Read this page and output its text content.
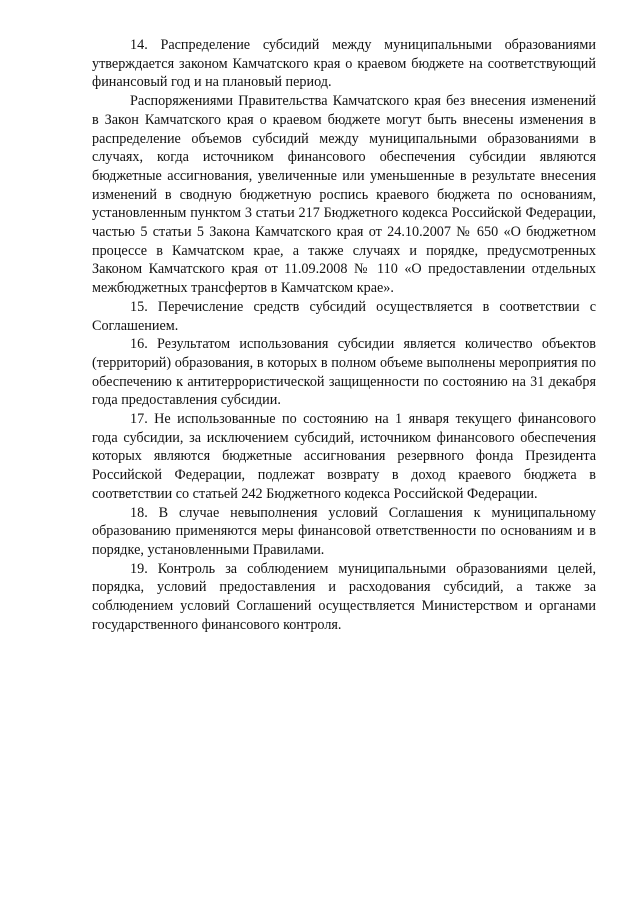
14. Распределение субсидий между муниципальными образованиями утверждается законом Камчатского края о краевом бюджете на соответствующий финансовый год и на плановый период.

Распоряжениями Правительства Камчатского края без внесения изменений в Закон Камчатского края о краевом бюджете могут быть внесены изменения в распределение объемов субсидий между муниципальными образованиями в случаях, когда источником финансового обеспечения субсидии являются бюджетные ассигнования, увеличенные или уменьшенные в результате внесения изменений в сводную бюджетную роспись краевого бюджета по основаниям, установленным пунктом 3 статьи 217 Бюджетного кодекса Российской Федерации, частью 5 статьи 5 Закона Камчатского края от 24.10.2007 № 650 «О бюджетном процессе в Камчатском крае, а также случаях и порядке, предусмотренных Законом Камчатского края от 11.09.2008 № 110 «О предоставлении отдельных межбюджетных трансфертов в Камчатском крае».

15. Перечисление средств субсидий осуществляется в соответствии с Соглашением.

16. Результатом использования субсидии является количество объектов (территорий) образования, в которых в полном объеме выполнены мероприятия по обеспечению к антитеррористической защищенности по состоянию на 31 декабря года предоставления субсидии.

17. Не использованные по состоянию на 1 января текущего финансового года субсидии, за исключением субсидий, источником финансового обеспечения которых являются бюджетные ассигнования резервного фонда Президента Российской Федерации, подлежат возврату в доход краевого бюджета в соответствии со статьей 242 Бюджетного кодекса Российской Федерации.

18. В случае невыполнения условий Соглашения к муниципальному образованию применяются меры финансовой ответственности по основаниям и в порядке, установленными Правилами.

19. Контроль за соблюдением муниципальными образованиями целей, порядка, условий предоставления и расходования субсидий, а также за соблюдением условий Соглашений осуществляется Министерством и органами государственного финансового контроля.
